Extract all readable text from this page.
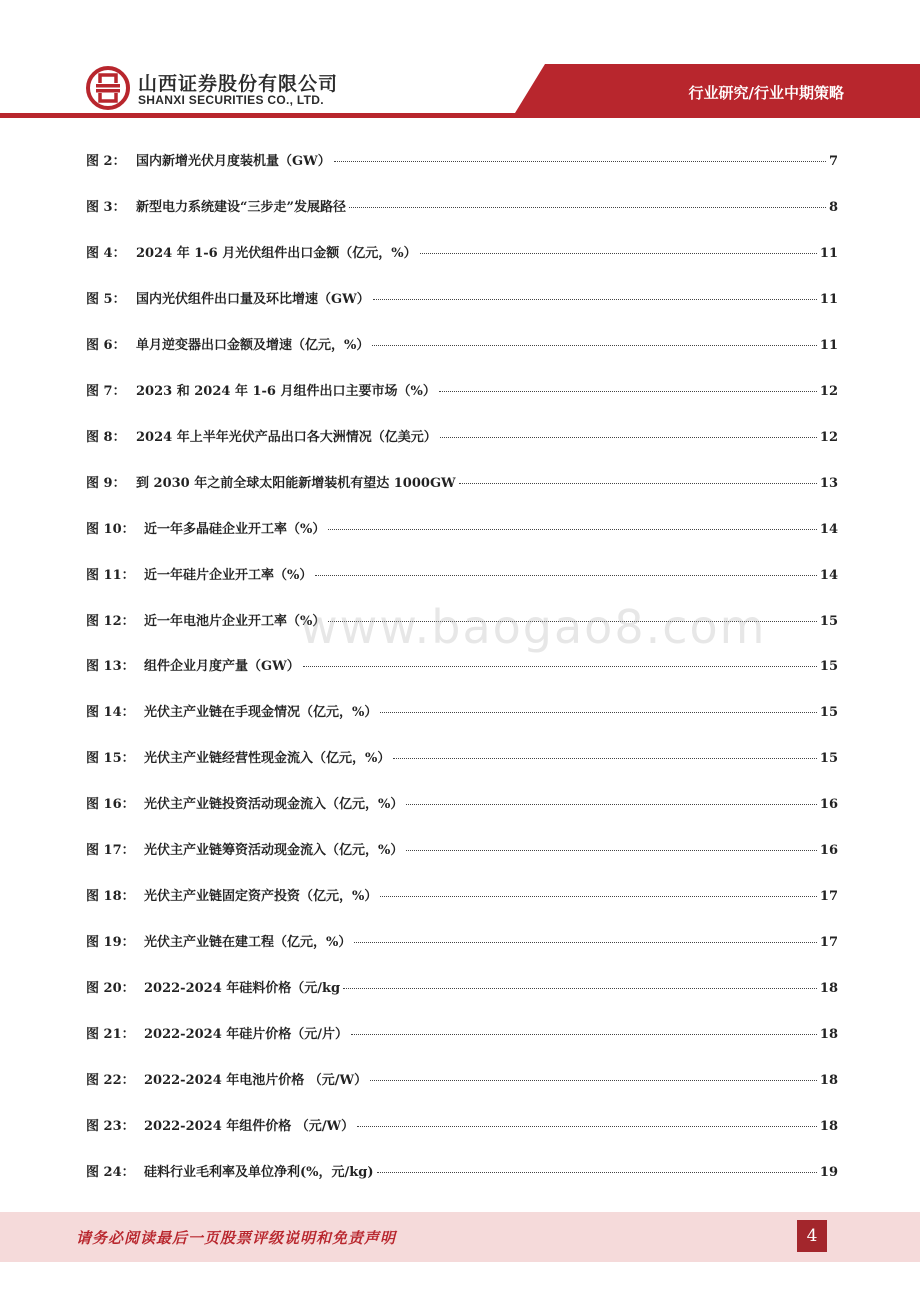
山西证券股份有限公司
SHANXI SECURITIES CO., LTD.	行业研究/行业中期策略
图 2： 国内新增光伏月度装机量（GW）	7
图 3： 新型电力系统建设“三步走”发展路径	8
图 4： 2024 年 1-6 月光伏组件出口金额（亿元，%）	11
图 5： 国内光伏组件出口量及环比增速（GW）	11
图 6： 单月逆变器出口金额及增速（亿元，%）	11
图 7： 2023 和 2024 年 1-6 月组件出口主要市场（%）	12
图 8： 2024 年上半年光伏产品出口各大洲情况（亿美元）	12
图 9： 到 2030 年之前全球太阳能新增装机有望达 1000GW	13
图 10： 近一年多晶硅企业开工率（%）	14
图 11： 近一年硅片企业开工率（%）	14
图 12： 近一年电池片企业开工率（%）	15
图 13： 组件企业月度产量（GW）	15
图 14： 光伏主产业链在手现金情况（亿元，%）	15
图 15： 光伏主产业链经营性现金流入（亿元，%）	15
图 16： 光伏主产业链投资活动现金流入（亿元，%）	16
图 17： 光伏主产业链筹资活动现金流入（亿元，%）	16
图 18： 光伏主产业链固定资产投资（亿元，%）	17
图 19： 光伏主产业链在建工程（亿元，%）	17
图 20： 2022-2024 年硅料价格（元/kg	18
图 21： 2022-2024 年硅片价格（元/片）	18
图 22： 2022-2024 年电池片价格 （元/W）	18
图 23： 2022-2024 年组件价格 （元/W）	18
图 24： 硅料行业毛利率及单位净利(%，元/kg)	19
www.baogao8.com
请务必阅读最后一页股票评级说明和免责声明	4
